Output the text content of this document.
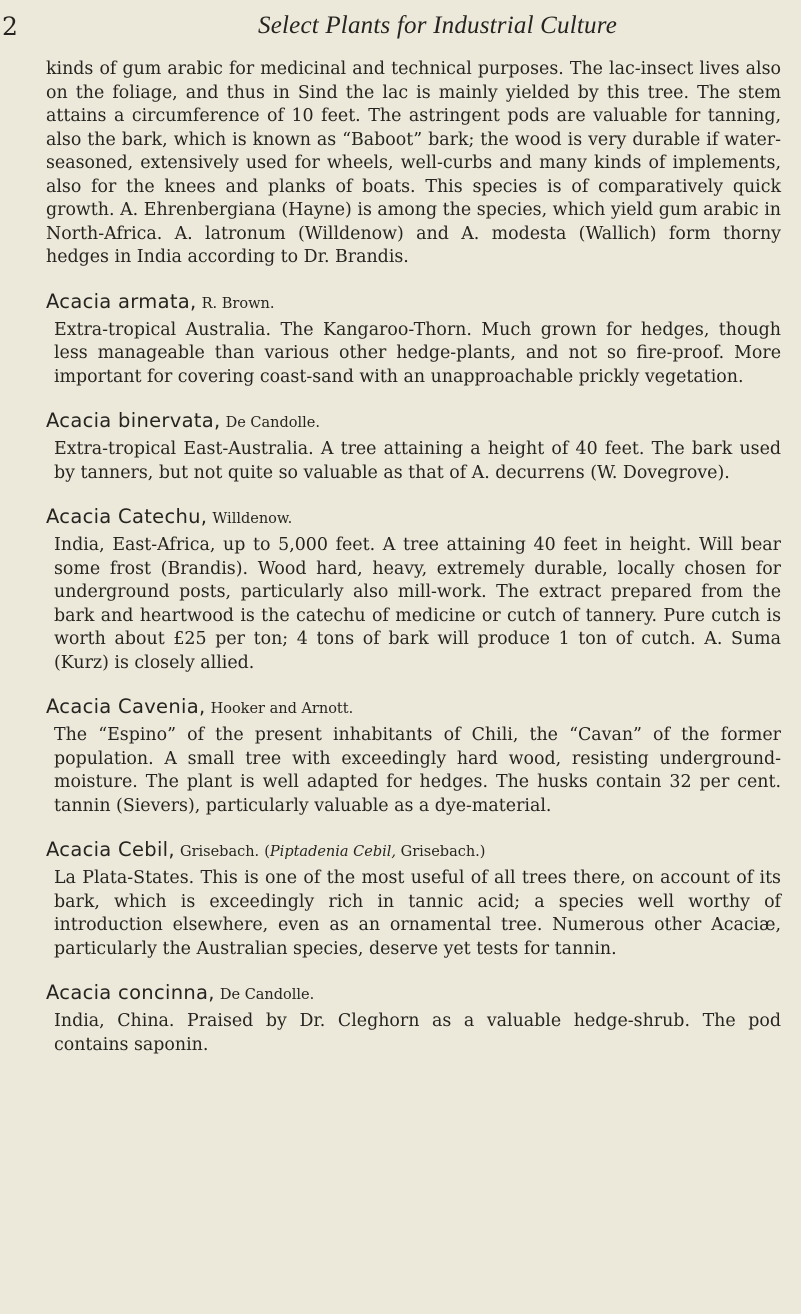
2	Select Plants for Industrial Culture

kinds of gum arabic for medicinal and technical purposes. The lac-insect lives also on the foliage, and thus in Sind the lac is mainly yielded by this tree. The stem attains a circumference of 10 feet. The astringent pods are valuable for tanning, also the bark, which is known as “Baboot” bark; the wood is very durable if water-seasoned, extensively used for wheels, well-curbs and many kinds of implements, also for the knees and planks of boats. This species is of comparatively quick growth. A. Ehrenbergiana (Hayne) is among the species, which yield gum arabic in North-Africa. A. latronum (Willdenow) and A. modesta (Wallich) form thorny hedges in India according to Dr. Brandis.

Acacia armata, R. Brown.

Extra-tropical Australia. The Kangaroo-Thorn. Much grown for hedges, though less manageable than various other hedge-plants, and not so fire-proof. More important for covering coast-sand with an unapproachable prickly vegetation.

Acacia binervata, De Candolle.

Extra-tropical East-Australia. A tree attaining a height of 40 feet. The bark used by tanners, but not quite so valuable as that of A. decurrens (W. Dovegrove).

Acacia Catechu, Willdenow.

India, East-Africa, up to 5,000 feet. A tree attaining 40 feet in height. Will bear some frost (Brandis). Wood hard, heavy, extremely durable, locally chosen for underground posts, particularly also mill-work. The extract prepared from the bark and heartwood is the catechu of medicine or cutch of tannery. Pure cutch is worth about £25 per ton; 4 tons of bark will produce 1 ton of cutch. A. Suma (Kurz) is closely allied.

Acacia Cavenia, Hooker and Arnott.

The “Espino” of the present inhabitants of Chili, the “Cavan” of the former population. A small tree with exceedingly hard wood, resisting underground-moisture. The plant is well adapted for hedges. The husks contain 32 per cent. tannin (Sievers), particularly valuable as a dye-material.

Acacia Cebil, Grisebach. (Piptadenia Cebil, Grisebach.)

La Plata-States. This is one of the most useful of all trees there, on account of its bark, which is exceedingly rich in tannic acid; a species well worthy of introduction elsewhere, even as an ornamental tree. Numerous other Acaciæ, particularly the Australian species, deserve yet tests for tannin.

Acacia concinna, De Candolle.

India, China. Praised by Dr. Cleghorn as a valuable hedge-shrub. The pod contains saponin.
